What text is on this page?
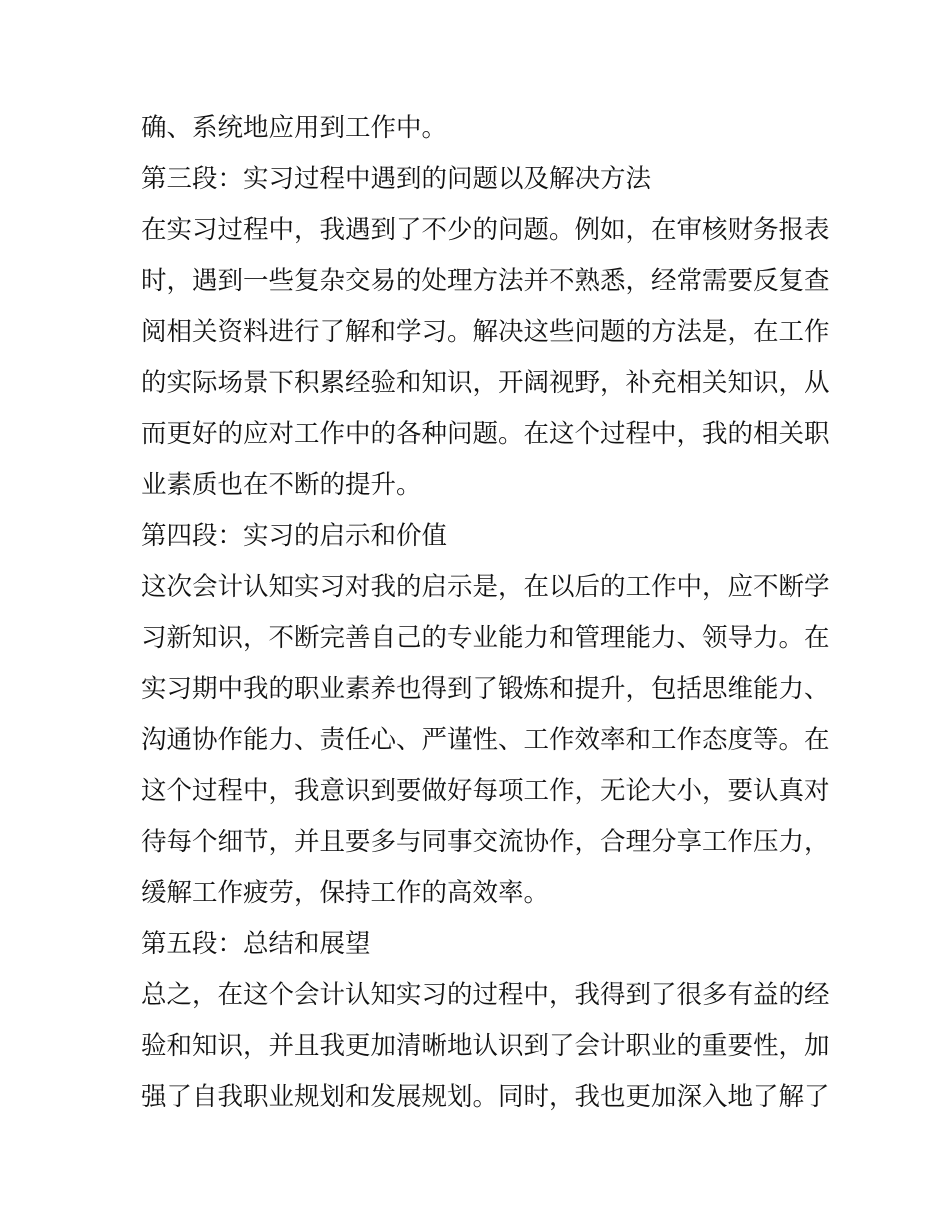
确、系统地应用到工作中。
第三段：实习过程中遇到的问题以及解决方法
在实习过程中，我遇到了不少的问题。例如，在审核财务报表
时，遇到一些复杂交易的处理方法并不熟悉，经常需要反复查
阅相关资料进行了解和学习。解决这些问题的方法是，在工作
的实际场景下积累经验和知识，开阔视野，补充相关知识，从
而更好的应对工作中的各种问题。在这个过程中，我的相关职
业素质也在不断的提升。
第四段：实习的启示和价值
这次会计认知实习对我的启示是，在以后的工作中，应不断学
习新知识，不断完善自己的专业能力和管理能力、领导力。在
实习期中我的职业素养也得到了锻炼和提升，包括思维能力、
沟通协作能力、责任心、严谨性、工作效率和工作态度等。在
这个过程中，我意识到要做好每项工作，无论大小，要认真对
待每个细节，并且要多与同事交流协作，合理分享工作压力，
缓解工作疲劳，保持工作的高效率。
第五段：总结和展望
总之，在这个会计认知实习的过程中，我得到了很多有益的经
验和知识，并且我更加清晰地认识到了会计职业的重要性，加
强了自我职业规划和发展规划。同时，我也更加深入地了解了
